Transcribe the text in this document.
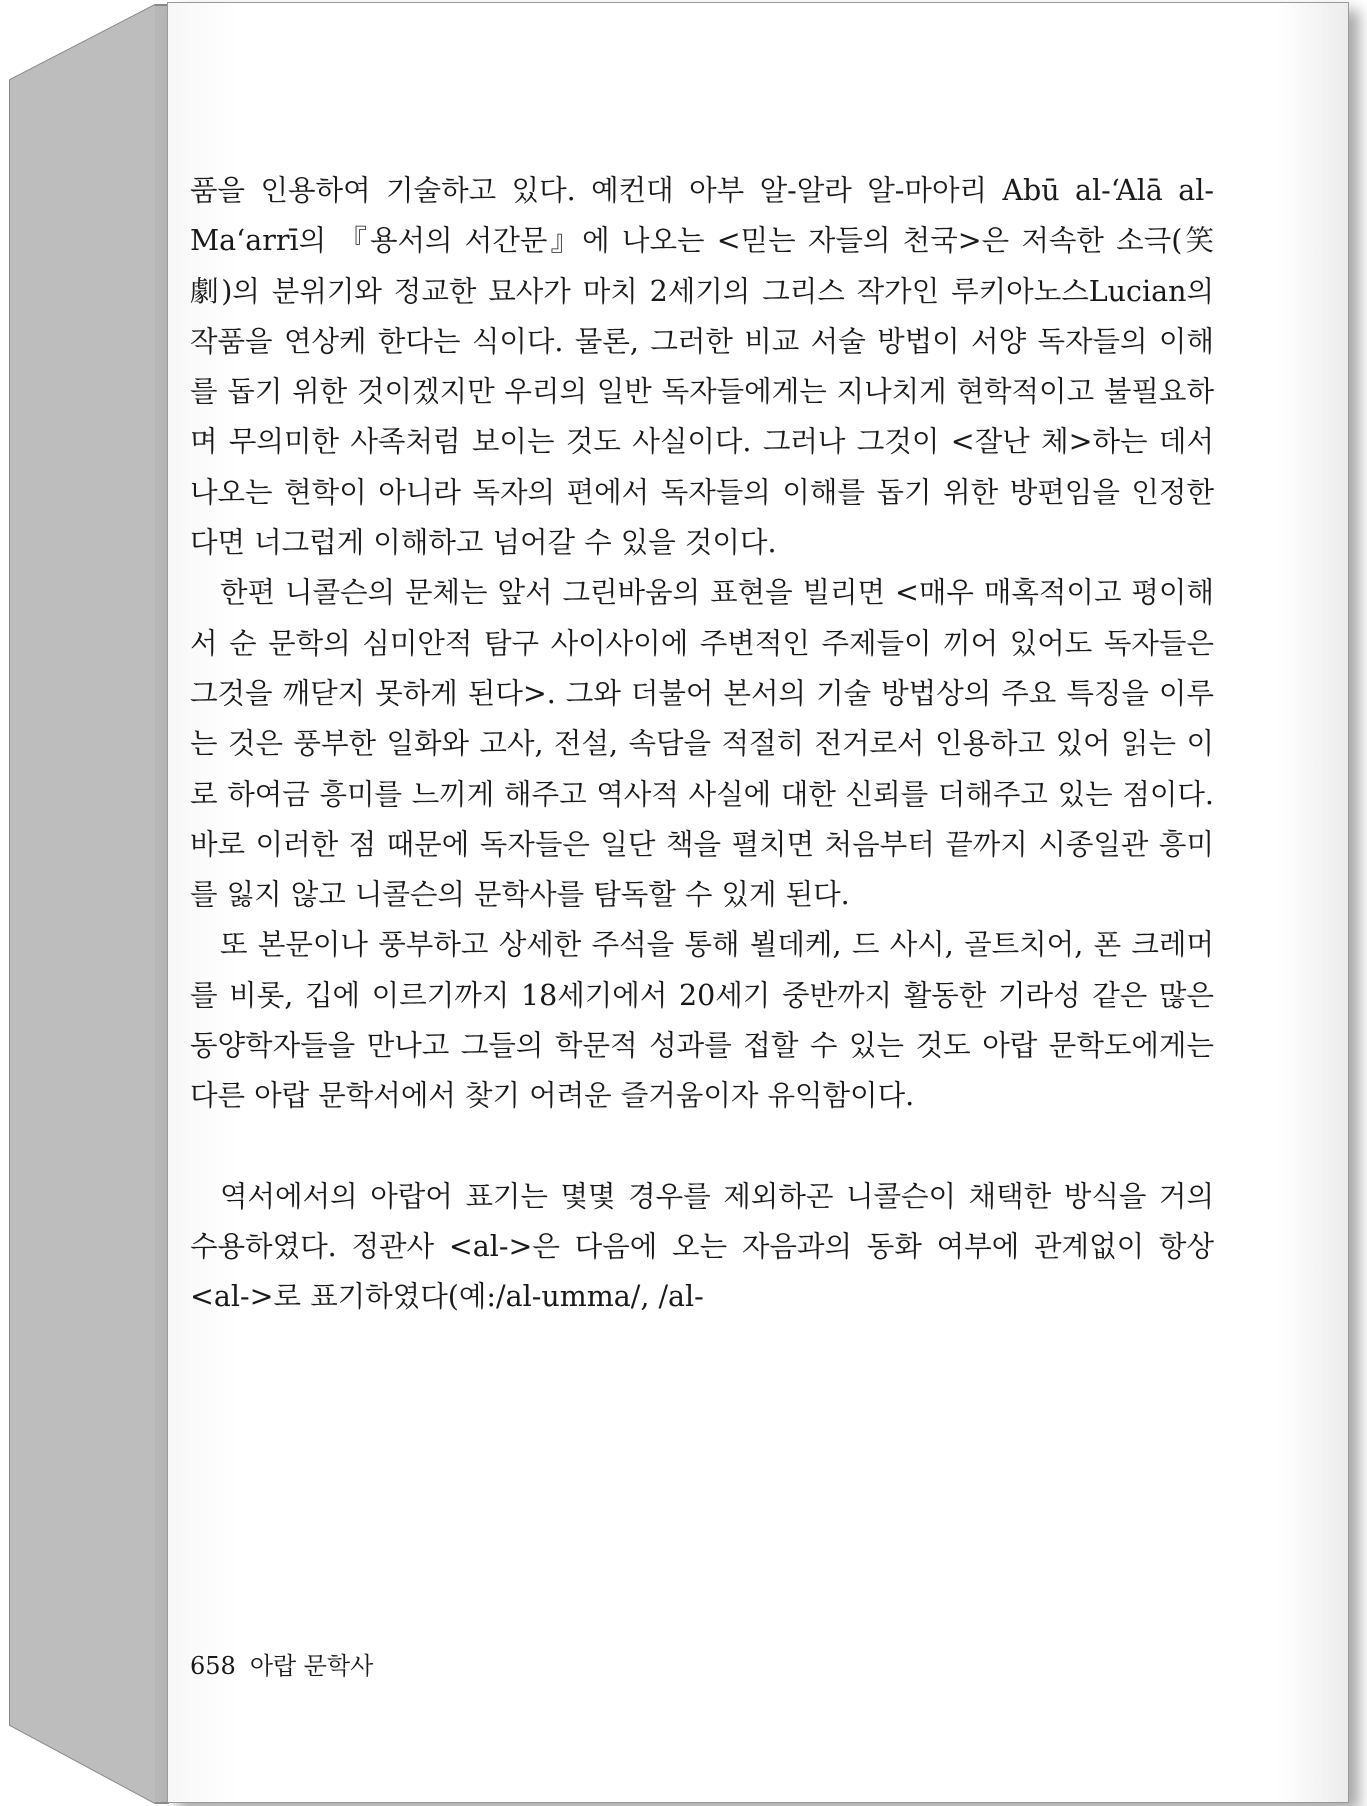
품을 인용하여 기술하고 있다. 예컨대 아부 알-알라 알-마아리 Abū al-‘Alā al-Ma‘arrī의 『용서의 서간문』에 나오는 <믿는 자들의 천국>은 저속한 소극(笑劇)의 분위기와 정교한 묘사가 마치 2세기의 그리스 작가인 루키아노스Lucian의 작품을 연상케 한다는 식이다. 물론, 그러한 비교 서술 방법이 서양 독자들의 이해를 돕기 위한 것이겠지만 우리의 일반 독자들에게는 지나치게 현학적이고 불필요하며 무의미한 사족처럼 보이는 것도 사실이다. 그러나 그것이 <잘난 체>하는 데서 나오는 현학이 아니라 독자의 편에서 독자들의 이해를 돕기 위한 방편임을 인정한다면 너그럽게 이해하고 넘어갈 수 있을 것이다.

한편 니콜슨의 문체는 앞서 그린바움의 표현을 빌리면 <매우 매혹적이고 평이해서 순 문학의 심미안적 탐구 사이사이에 주변적인 주제들이 끼어 있어도 독자들은 그것을 깨닫지 못하게 된다>. 그와 더불어 본서의 기술 방법상의 주요 특징을 이루는 것은 풍부한 일화와 고사, 전설, 속담을 적절히 전거로서 인용하고 있어 읽는 이로 하여금 흥미를 느끼게 해주고 역사적 사실에 대한 신뢰를 더해주고 있는 점이다. 바로 이러한 점 때문에 독자들은 일단 책을 펼치면 처음부터 끝까지 시종일관 흥미를 잃지 않고 니콜슨의 문학사를 탐독할 수 있게 된다.

또 본문이나 풍부하고 상세한 주석을 통해 뵐데케, 드 사시, 골트치어, 폰 크레머를 비롯, 깁에 이르기까지 18세기에서 20세기 중반까지 활동한 기라성 같은 많은 동양학자들을 만나고 그들의 학문적 성과를 접할 수 있는 것도 아랍 문학도에게는 다른 아랍 문학서에서 찾기 어려운 즐거움이자 유익함이다.

역서에서의 아랍어 표기는 몇몇 경우를 제외하곤 니콜슨이 채택한 방식을 거의 수용하였다. 정관사 <al->은 다음에 오는 자음과의 동화 여부에 관계없이 항상 <al->로 표기하였다(예:/al-umma/, /al-

658 아랍 문학사
